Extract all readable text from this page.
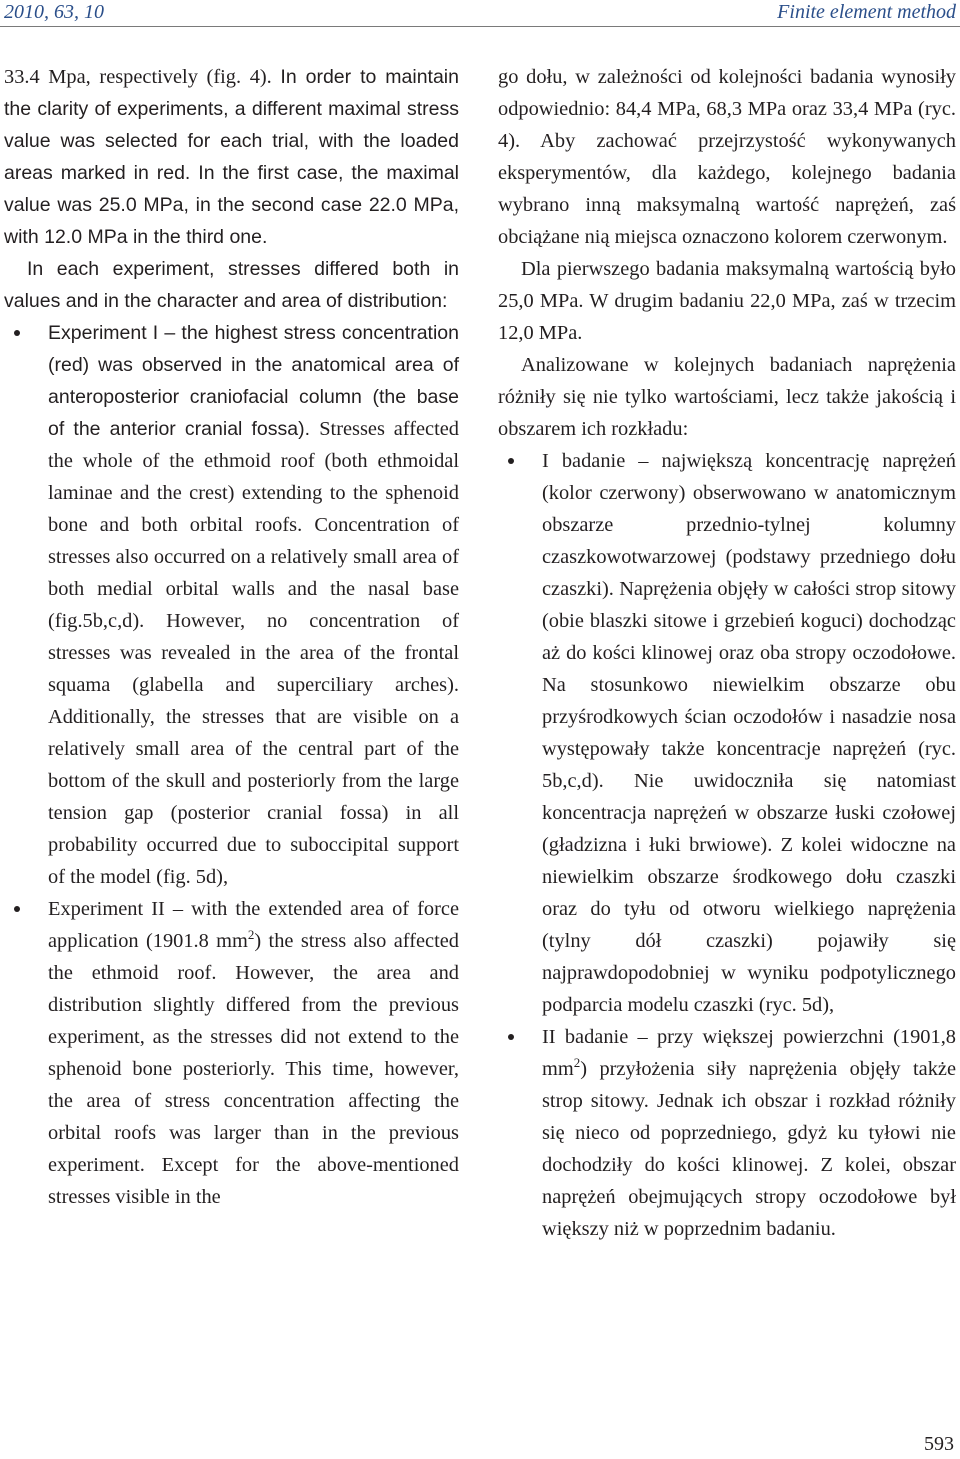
2010, 63, 10	Finite element method

33.4 Mpa, respectively (fig. 4). In order to maintain the clarity of experiments, a different maximal stress value was selected for each trial, with the loaded areas marked in red. In the first case, the maximal value was 25.0 MPa, in the second case 22.0 MPa, with 12.0 MPa in the third one.

In each experiment, stresses differed both in values and in the character and area of distribution:

Experiment I – the highest stress concentration (red) was observed in the anatomical area of anteroposterior craniofacial column (the base of the anterior cranial fossa). Stresses affected the whole of the ethmoid roof (both ethmoidal laminae and the crest) extending to the sphenoid bone and both orbital roofs. Concentration of stresses also occurred on a relatively small area of both medial orbital walls and the nasal base (fig.5b,c,d). However, no concentration of stresses was revealed in the area of the frontal squama (glabella and superciliary arches). Additionally, the stresses that are visible on a relatively small area of the central part of the bottom of the skull and posteriorly from the large tension gap (posterior cranial fossa) in all probability occurred due to suboccipital support of the model (fig. 5d),
Experiment II – with the extended area of force application (1901.8 $mm^2$) the stress also affected the ethmoid roof. However, the area and distribution slightly differed from the previous experiment, as the stresses did not extend to the sphenoid bone posteriorly. This time, however, the area of stress concentration affecting the orbital roofs was larger than in the previous experiment. Except for the above-mentioned stresses visible in the

go dołu, w zależności od kolejności badania wynosiły odpowiednio: 84,4 MPa, 68,3 MPa oraz 33,4 MPa (ryc. 4). Aby zachować przejrzystość wykonywanych eksperymentów, dla każdego, kolejnego badania wybrano inną maksymalną wartość naprężeń, zaś obciążane nią miejsca oznaczono kolorem czerwonym.

Dla pierwszego badania maksymalną wartością było 25,0 MPa. W drugim badaniu 22,0 MPa, zaś w trzecim 12,0 MPa.

Analizowane w kolejnych badaniach naprężenia różniły się nie tylko wartościami, lecz także jakością i obszarem ich rozkładu:

I badanie – największą koncentrację naprężeń (kolor czerwony) obserwowano w anatomicznym obszarze przednio-tylnej kolumny czaszkowotwarzowej (podstawy przedniego dołu czaszki). Naprężenia objęły w całości strop sitowy (obie blaszki sitowe i grzebień koguci) dochodząc aż do kości klinowej oraz oba stropy oczodołowe. Na stosunkowo niewielkim obszarze obu przyśrodkowych ścian oczodołów i nasadzie nosa występowały także koncentracje naprężeń (ryc. 5b,c,d). Nie uwidoczniła się natomiast koncentracja naprężeń w obszarze łuski czołowej (gładzizna i łuki brwiowe). Z kolei widoczne na niewielkim obszarze środkowego dołu czaszki oraz do tyłu od otworu wielkiego naprężenia (tylny dół czaszki) pojawiły się najprawdopodobniej w wyniku podpotylicznego podparcia modelu czaszki (ryc. 5d),
II badanie – przy większej powierzchni (1901,8 $mm^2$) przyłożenia siły naprężenia objęły także strop sitowy. Jednak ich obszar i rozkład różniły się nieco od poprzedniego, gdyż ku tyłowi nie dochodziły do kości klinowej. Z kolei, obszar naprężeń obejmujących stropy oczodołowe był większy niż w poprzednim badaniu.
593
